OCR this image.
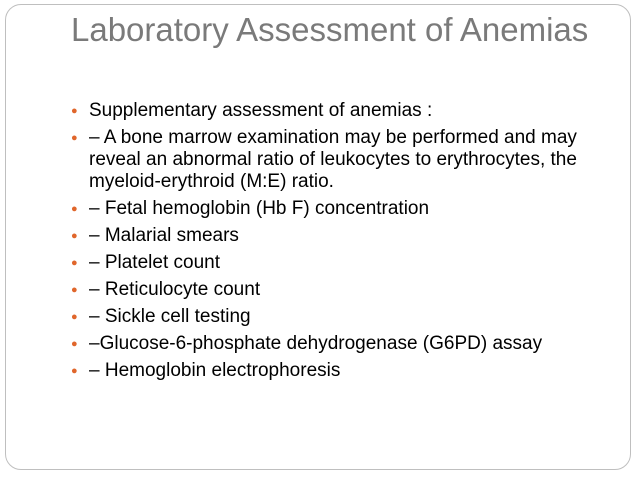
Laboratory Assessment of Anemias
● Supplementary assessment of anemias :
● – A bone marrow examination may be performed and may reveal an abnormal ratio of leukocytes to erythrocytes, the myeloid-erythroid (M:E) ratio.
● – Fetal hemoglobin (Hb F) concentration
● – Malarial smears
● – Platelet count
● – Reticulocyte count
● – Sickle cell testing
● –Glucose-6-phosphate dehydrogenase (G6PD) assay
● – Hemoglobin electrophoresis
